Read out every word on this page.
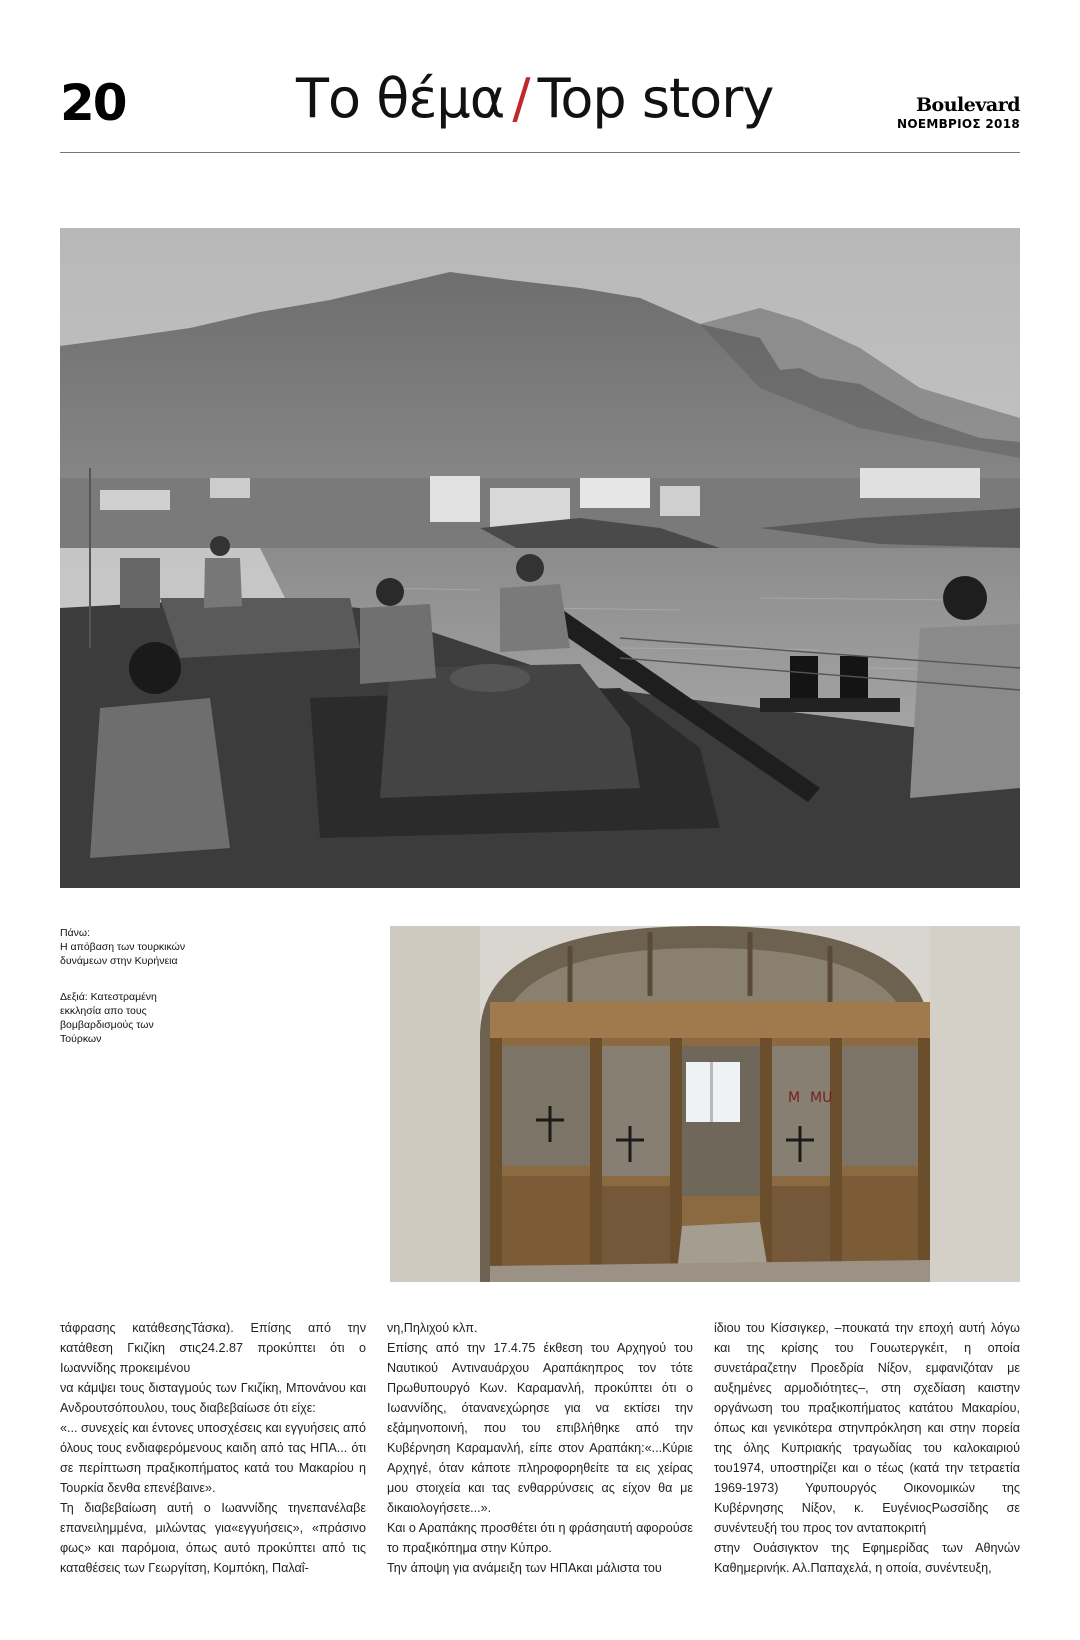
20	Το θέμα / Top story	Boulevard
ΝΟΕΜΒΡΙΟΣ 2018
Πάνω:
Η απόβαση των τουρκικών δυνάμεων στην Κυρήνεια
Δεξιά: Κατεστραμένη εκκλησία απο τους βομβαρδισμούς των Τούρκων
M MU

τάφρασης κατάθεσηςΤάσκα). Επίσης από την κατάθεση Γκιζίκη στις24.2.87 προκύπτει ότι ο Ιωαννίδης προκειμένου

να κάμψει τους δισταγμούς των Γκιζίκη, Μπονάνου και Ανδρουτσόπουλου, τους διαβεβαίωσε ότι είχε:

«... συνεχείς και έντονες υποσχέσεις και εγγυήσεις από όλους τους ενδιαφερόμενους καιδη από τας ΗΠΑ... ότι σε περίπτωση πραξικοπήματος κατά του Μακαρίου η Τουρκία δενθα επενέβαινε».

Τη διαβεβαίωση αυτή ο Ιωαννίδης τηνεπανέλαβε επανειλημμένα, μιλώντας για«εγγυήσεις», «πράσινο φως» και παρόμοια, όπως αυτό προκύπτει από τις καταθέσεις των Γεωργίτση, Κομπόκη, Παλαΐ-

νη,Πηλιχού κλπ.

Επίσης από την 17.4.75 έκθεση του Αρχηγού του Ναυτικού Αντιναυάρχου Αραπάκηπρος τον τότε Πρωθυπουργό Κων. Καραμανλή, προκύπτει ότι ο Ιωαννίδης, ότανανεχώρησε για να εκτίσει την εξάμηνοποινή, που του επιβλήθηκε από την Κυβέρνηση Καραμανλή, είπε στον Αραπάκη:«...Κύριε Αρχηγέ, όταν κάποτε πληροφορηθείτε τα εις χείρας μου στοιχεία και τας ενθαρρύνσεις ας είχον θα με δικαιολογήσετε...».

Και ο Αραπάκης προσθέτει ότι η φράσηαυτή αφορούσε το πραξικόπημα στην Κύπρο.

Την άποψη για ανάμειξη των ΗΠΑκαι μάλιστα του

ίδιου του Κίσσιγκερ, –πουκατά την εποχή αυτή λόγω και της κρίσης του Γουωτεργκέιτ, η οποία συνετάραζετην Προεδρία Νίξον, εμφανιζόταν με αυξημένες αρμοδιότητες–, στη σχεδίαση καιστην οργάνωση του πραξικοπήματος κατάτου Μακαρίου, όπως και γενικότερα στηνπρόκληση και στην πορεία της όλης Κυπριακής τραγωδίας του καλοκαιριού του1974, υποστηρίζει και ο τέως (κατά την τετραετία 1969-1973) Υφυπουργός Οικονομικών της Κυβέρνησης Νίξον, κ. ΕυγένιοςΡωσσίδης σε συνέντευξή του προς τον ανταποκριτή

στην Ουάσιγκτον της Εφημερίδας των Αθηνών Καθημερινήκ. Αλ.Παπαχελά, η οποία, συνέντευξη,
